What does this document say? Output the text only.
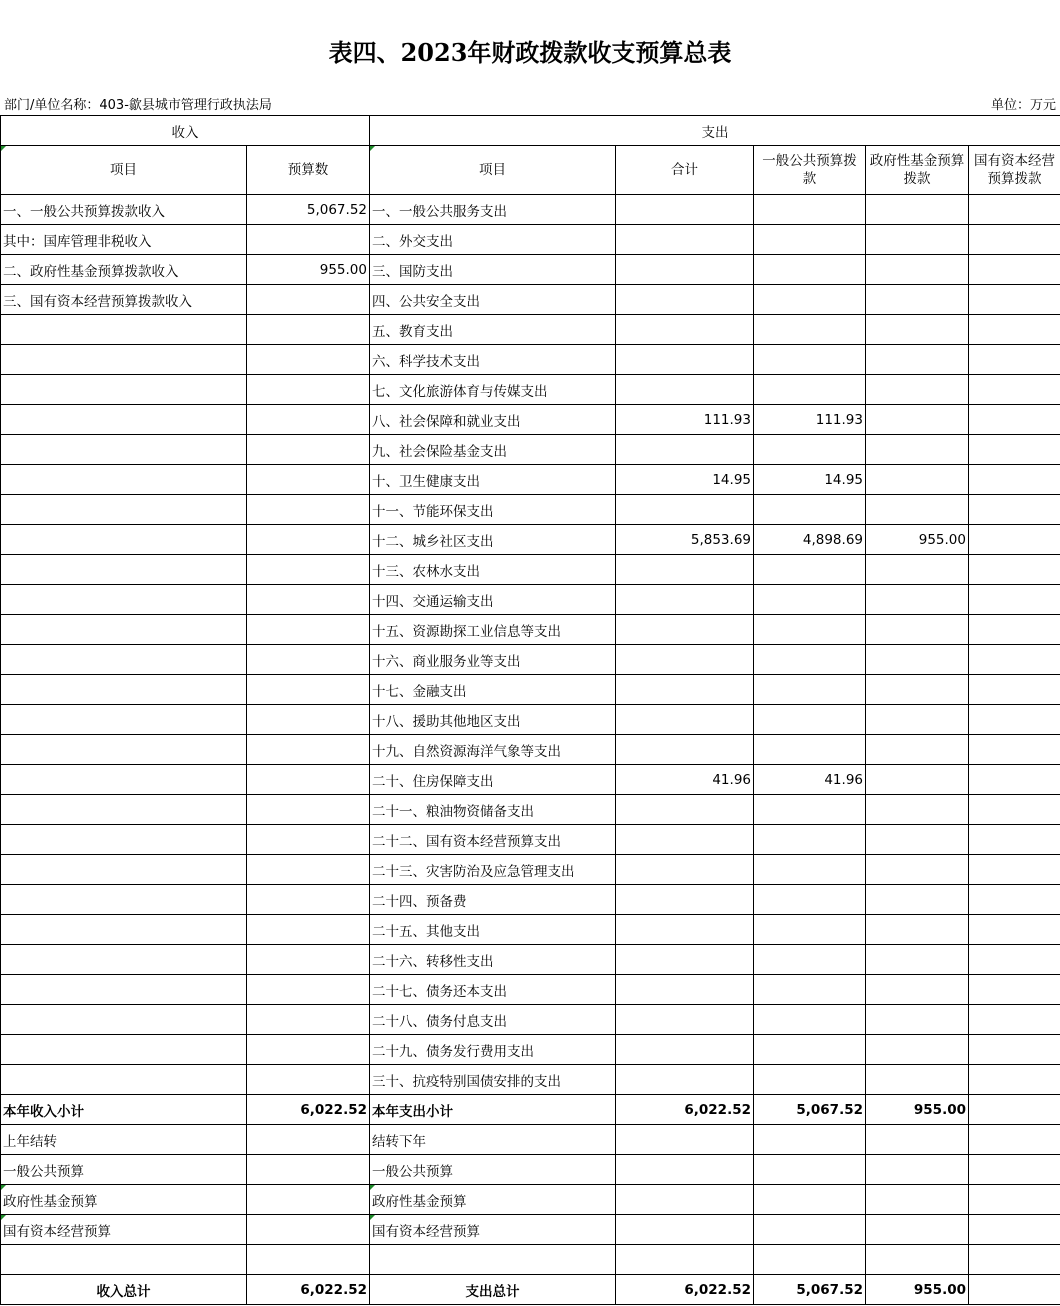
表四、2023年财政拨款收支预算总表
部门/单位名称：403-歙县城市管理行政执法局	单位：万元
收入		支出				
项目	预算数	项目	合计	一般公共预算拨款	政府性基金预算拨款	国有资本经营预算拨款
一、一般公共预算拨款收入	5,067.52	一、一般公共服务支出				
其中：国库管理非税收入		二、外交支出				
二、政府性基金预算拨款收入	955.00	三、国防支出				
三、国有资本经营预算拨款收入		四、公共安全支出				
		五、教育支出				
		六、科学技术支出				
		七、文化旅游体育与传媒支出				
		八、社会保障和就业支出	111.93	111.93		
		九、社会保险基金支出				
		十、卫生健康支出	14.95	14.95		
		十一、节能环保支出				
		十二、城乡社区支出	5,853.69	4,898.69	955.00	
		十三、农林水支出				
		十四、交通运输支出				
		十五、资源勘探工业信息等支出				
		十六、商业服务业等支出				
		十七、金融支出				
		十八、援助其他地区支出				
		十九、自然资源海洋气象等支出				
		二十、住房保障支出	41.96	41.96		
		二十一、粮油物资储备支出				
		二十二、国有资本经营预算支出				
		二十三、灾害防治及应急管理支出				
		二十四、预备费				
		二十五、其他支出				
		二十六、转移性支出				
		二十七、债务还本支出				
		二十八、债务付息支出				
		二十九、债务发行费用支出				
		三十、抗疫特别国债安排的支出				
本年收入小计	6,022.52	本年支出小计	6,022.52	5,067.52	955.00	
上年结转		结转下年				
一般公共预算		一般公共预算				
政府性基金预算		政府性基金预算				
国有资本经营预算		国有资本经营预算				

收入总计	6,022.52	支出总计	6,022.52	5,067.52	955.00	
